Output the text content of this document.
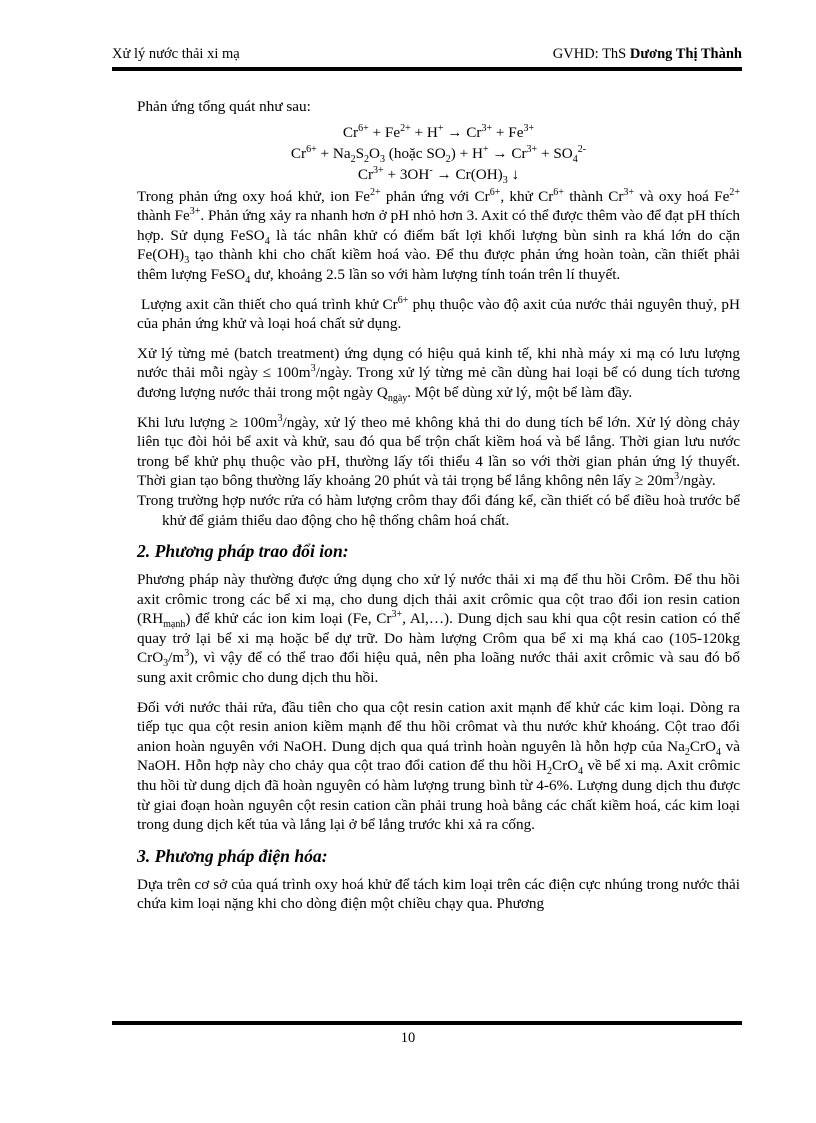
Xử lý nước thải xi mạ	GVHD: ThS Dương Thị Thành

Phản ứng tổng quát như sau:

$Cr^{6+} + Fe^{2+} + H^+ \to Cr^{3+} + Fe^{3+}$
$Cr^{6+} + Na_2S_2O_3$ (hoặc $SO_2) + H^+ \to Cr^{3+} + SO_4^{2-}$
$Cr^{3+} + 3OH^- \to Cr(OH)_3$ ↓

Trong phản ứng oxy hoá khử, ion $Fe^{2+}$ phản ứng với $Cr^{6+}$, khử $Cr^{6+}$ thành $Cr^{3+}$ và oxy hoá $Fe^{2+}$ thành $Fe^{3+}$. Phản ứng xảy ra nhanh hơn ở pH nhỏ hơn 3. Axit có thể được thêm vào để đạt pH thích hợp. Sử dụng FeSO$_4$ là tác nhân khử có điểm bất lợi khối lượng bùn sinh ra khá lớn do cặn $Fe(OH)_3$ tạo thành khi cho chất kiềm hoá vào. Để thu được phản ứng hoàn toàn, cần thiết phải thêm lượng FeSO$_4$ dư, khoảng 2.5 lần so với hàm lượng tính toán trên lí thuyết.

Lượng axit cần thiết cho quá trình khử $Cr^{6+}$ phụ thuộc vào độ axit của nước thải nguyên thuỷ, pH của phản ứng khử và loại hoá chất sử dụng.

Xử lý từng mẻ (batch treatment) ứng dụng có hiệu quả kinh tế, khi nhà máy xi mạ có lưu lượng nước thải mỗi ngày ≤ $100m^3$/ngày. Trong xử lý từng mẻ cần dùng hai loại bể có dung tích tương đương lượng nước thải trong một ngày $Q_{ngày}$. Một bể dùng xử lý, một bể làm đầy.

Khi lưu lượng ≥ $100m^3$/ngày, xử lý theo mẻ không khả thi do dung tích bể lớn. Xử lý dòng chảy liên tục đòi hỏi bể axit và khử, sau đó qua bể trộn chất kiềm hoá và bể lắng. Thời gian lưu nước trong bể khử phụ thuộc vào pH, thường lấy tối thiểu 4 lần so với thời gian phản ứng lý thuyết. Thời gian tạo bông thường lấy khoảng 20 phút và tải trọng bể lắng không nên lấy ≥ $20m^3$/ngày.

Trong trường hợp nước rửa có hàm lượng crôm thay đổi đáng kể, cần thiết có bể điều hoà trước bể khử để giảm thiểu dao động cho hệ thống châm hoá chất.

2. Phương pháp trao đổi ion:

Phương pháp này thường được ứng dụng cho xử lý nước thải xi mạ để thu hồi Crôm. Để thu hồi axit crômic trong các bể xi mạ, cho dung dịch thải axit crômic qua cột trao đổi ion resin cation $(RH_{mạnh})$ để khử các ion kim loại (Fe, $Cr^{3+}$, Al,…). Dung dịch sau khi qua cột resin cation có thể quay trở lại bể xi mạ hoặc bể dự trữ. Do hàm lượng Crôm qua bể xi mạ khá cao (105-120kg $CrO_3/m^3$), vì vậy để có thể trao đổi hiệu quả, nên pha loãng nước thải axit crômic và sau đó bổ sung axit crômic cho dung dịch thu hồi.

Đối với nước thải rửa, đầu tiên cho qua cột resin cation axit mạnh để khử các kim loại. Dòng ra tiếp tục qua cột resin anion kiềm mạnh để thu hồi crômat và thu nước khử khoáng. Cột trao đổi anion hoàn nguyên với NaOH. Dung dịch qua quá trình hoàn nguyên là hỗn hợp của $Na_2CrO_4$ và NaOH. Hỗn hợp này cho chảy qua cột trao đổi cation để thu hồi $H_2CrO_4$ về bể xi mạ. Axit crômic thu hồi từ dung dịch đã hoàn nguyên có hàm lượng trung bình từ 4-6%. Lượng dung dịch thu được từ giai đoạn hoàn nguyên cột resin cation cần phải trung hoà bằng các chất kiềm hoá, các kim loại trong dung dịch kết tủa và lắng lại ở bể lắng trước khi xả ra cống.

3. Phương pháp điện hóa:

Dựa trên cơ sở của quá trình oxy hoá khử để tách kim loại trên các điện cực nhúng trong nước thải chứa kim loại nặng khi cho dòng điện một chiều chạy qua. Phương

10
